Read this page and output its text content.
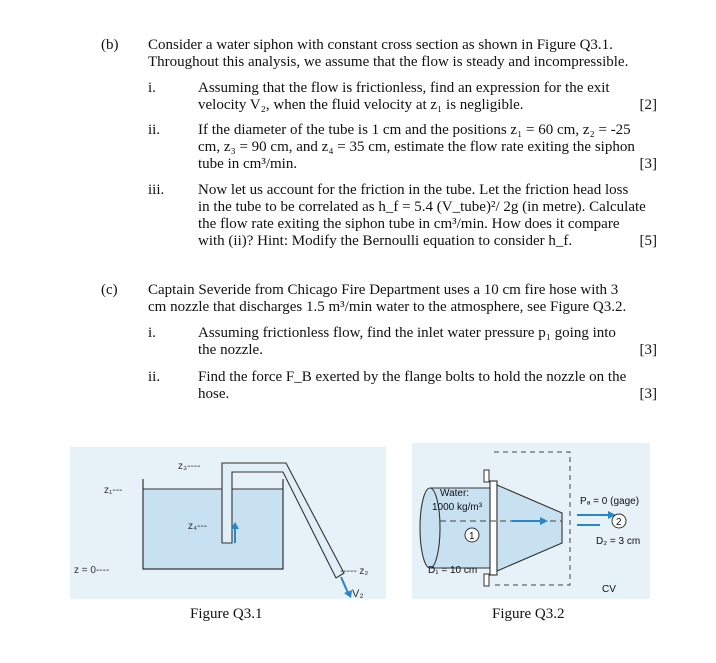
(b) Consider a water siphon with constant cross section as shown in Figure Q3.1.
Throughout this analysis, we assume that the flow is steady and incompressible.
i.	Assuming that the flow is frictionless, find an expression for the exit
velocity V₂, when the fluid velocity at z₁ is negligible.	[2]
ii.	If the diameter of the tube is 1 cm and the positions z₁ = 60 cm, z₂ = -25
cm, z₃ = 90 cm, and z₄ = 35 cm, estimate the flow rate exiting the siphon
tube in cm³/min.	[3]
iii. Now let us account for the friction in the tube. Let the friction head loss
in the tube to be correlated as h_f = 5.4 (V_tube)²/ 2g (in metre). Calculate
the flow rate exiting the siphon tube in cm³/min. How does it compare
with (ii)? Hint: Modify the Bernoulli equation to consider h_f.	[5]
(c) Captain Severide from Chicago Fire Department uses a 10 cm fire hose with 3
cm nozzle that discharges 1.5 m³/min water to the atmosphere, see Figure Q3.2.
i.	Assuming frictionless flow, find the inlet water pressure p₁ going into
the nozzle.	[3]
ii.	Find the force F_B exerted by the flange bolts to hold the nozzle on the
hose.	[3]
z₃----
z₁---
z₄---
z = 0----	----- z₂
V₂
Figure Q3.1
Water:
1000 kg/m³
1
D₁ = 10 cm
Pₐ = 0 (gage)
2
D₂ = 3 cm
CV
Figure Q3.2
